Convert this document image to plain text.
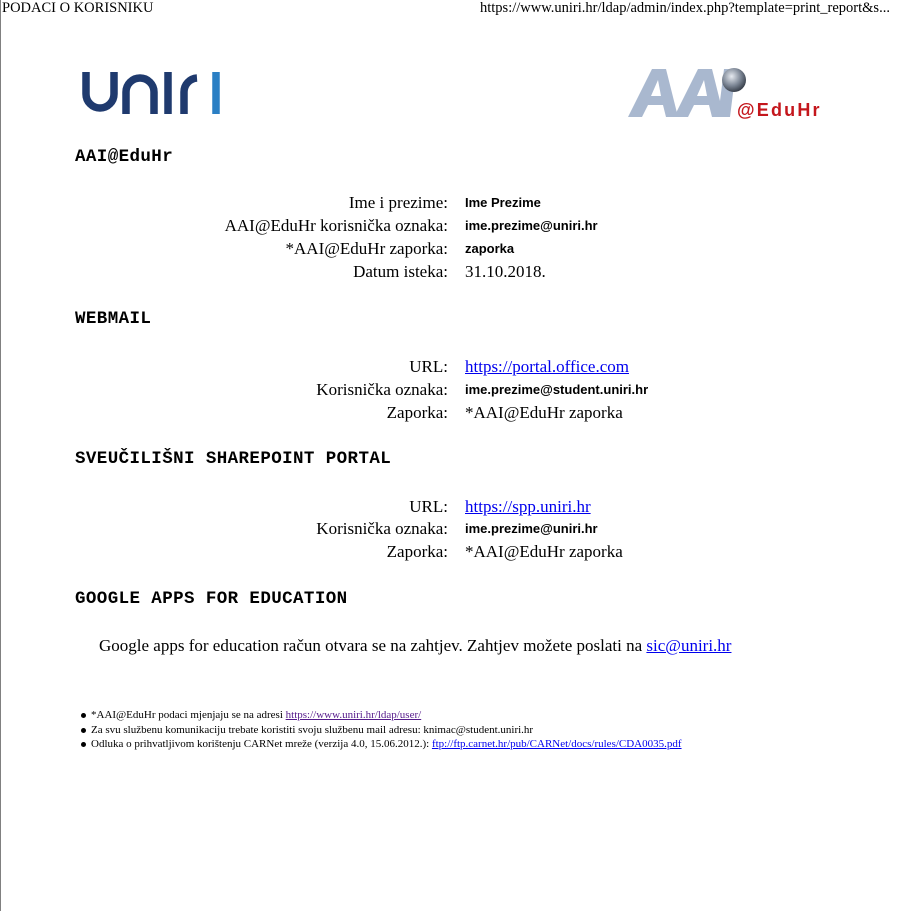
PODACI O KORISNIKU	https://www.uniri.hr/ldap/admin/index.php?template=print_report&s...
@EduHr
AAI@EduHr
Ime i prezime: Ime Prezime
AAI@EduHr korisnička oznaka: ime.prezime@uniri.hr
*AAI@EduHr zaporka: zaporka
Datum isteka: 31.10.2018.
WEBMAIL
URL: https://portal.office.com
Korisnička oznaka: ime.prezime@student.uniri.hr
Zaporka: *AAI@EduHr zaporka
SVEUČILIŠNI SHAREPOINT PORTAL
URL: https://spp.uniri.hr
Korisnička oznaka: ime.prezime@uniri.hr
Zaporka: *AAI@EduHr zaporka
GOOGLE APPS FOR EDUCATION
Google apps for education račun otvara se na zahtjev. Zahtjev možete poslati na sic@uniri.hr
*AAI@EduHr podaci mjenjaju se na adresi https://www.uniri.hr/ldap/user/
Za svu službenu komunikaciju trebate koristiti svoju službenu mail adresu: knimac@student.uniri.hr
Odluka o prihvatljivom korištenju CARNet mreže (verzija 4.0, 15.06.2012.): ftp://ftp.carnet.hr/pub/CARNet/docs/rules/CDA0035.pdf
